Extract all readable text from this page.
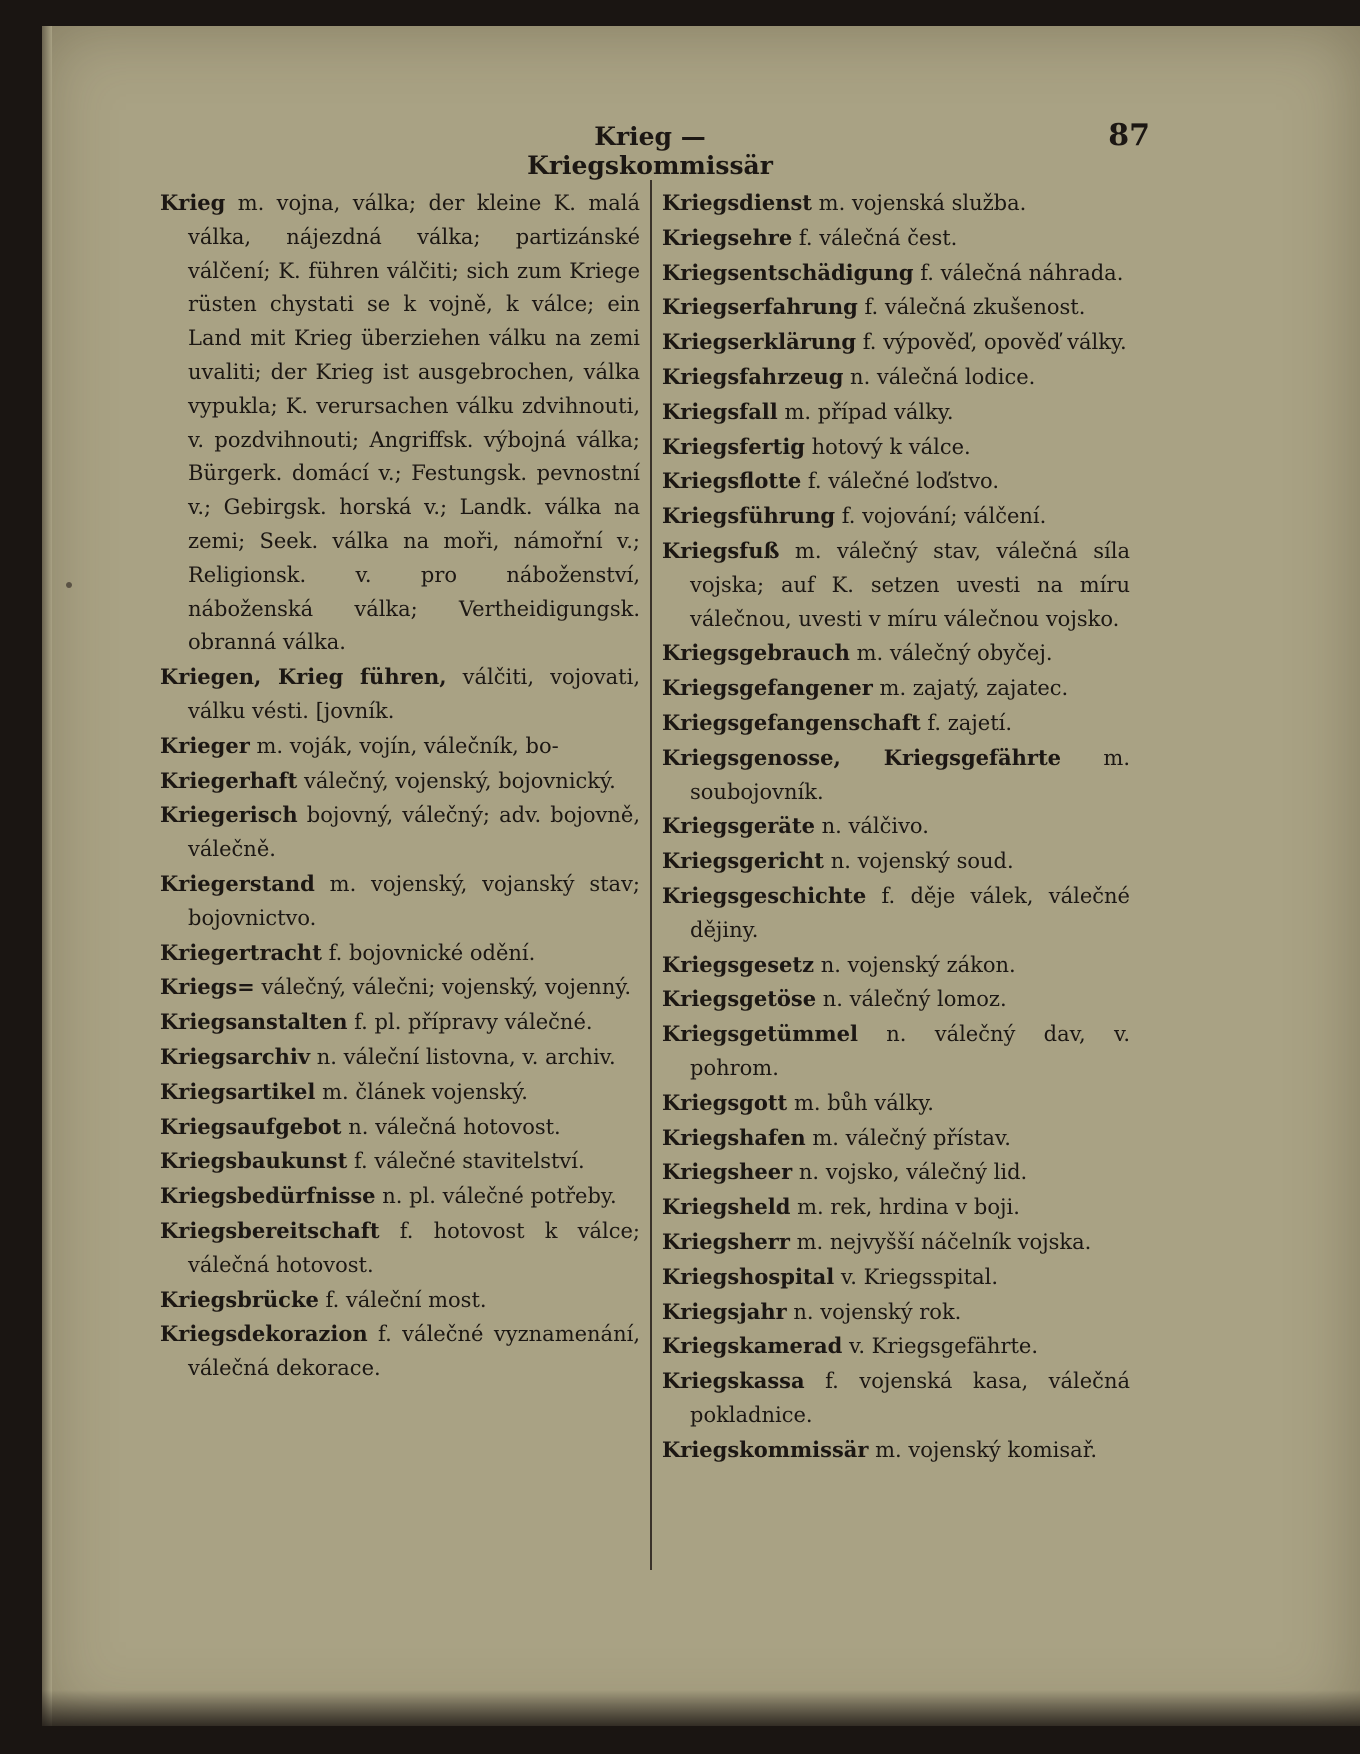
Krieg — Kriegskommissär
87

Krieg m. vojna, válka; der kleine K. malá válka, nájezdná válka; partizánské válčení; K. führen válčiti; sich zum Kriege rüsten chystati se k vojně, k válce; ein Land mit Krieg überziehen válku na zemi uvaliti; der Krieg ist ausgebrochen, válka vypukla; K. verursachen válku zdvihnouti, v. pozdvihnouti; Angriffsk. výbojná válka; Bürgerk. domácí v.; Festungsk. pevnostní v.; Gebirgsk. horská v.; Landk. válka na zemi; Seek. válka na moři, námořní v.; Religionsk. v. pro náboženství, náboženská válka; Vertheidigungsk. obranná válka.

Kriegen, Krieg führen, válčiti, vojovati, válku vésti. [jovník.

Krieger m. voják, vojín, válečník, bo-

Kriegerhaft válečný, vojenský, bojovnický.

Kriegerisch bojovný, válečný; adv. bojovně, válečně.

Kriegerstand m. vojenský, vojanský stav; bojovnictvo.

Kriegertracht f. bojovnické odění.

Kriegs= válečný, válečni; vojenský, vojenný.

Kriegsanstalten f. pl. přípravy válečné.

Kriegsarchiv n. váleční listovna, v. archiv.

Kriegsartikel m. článek vojenský.

Kriegsaufgebot n. válečná hotovost.

Kriegsbaukunst f. válečné stavitelství.

Kriegsbedürfnisse n. pl. válečné potřeby.

Kriegsbereitschaft f. hotovost k válce; válečná hotovost.

Kriegsbrücke f. váleční most.

Kriegsdekorazion f. válečné vyznamenání, válečná dekorace.

Kriegsdienst m. vojenská služba.

Kriegsehre f. válečná čest.

Kriegsentschädigung f. válečná náhrada.

Kriegserfahrung f. válečná zkušenost.

Kriegserklärung f. výpověď, opověď války.

Kriegsfahrzeug n. válečná lodice.

Kriegsfall m. případ války.

Kriegsfertig hotový k válce.

Kriegsflotte f. válečné loďstvo.

Kriegsführung f. vojování; válčení.

Kriegsfuß m. válečný stav, válečná síla vojska; auf K. setzen uvesti na míru válečnou, uvesti v míru válečnou vojsko.

Kriegsgebrauch m. válečný obyčej.

Kriegsgefangener m. zajatý, zajatec.

Kriegsgefangenschaft f. zajetí.

Kriegsgenosse, Kriegsgefährte m. soubojovník.

Kriegsgeräte n. válčivo.

Kriegsgericht n. vojenský soud.

Kriegsgeschichte f. děje válek, válečné dějiny.

Kriegsgesetz n. vojenský zákon.

Kriegsgetöse n. válečný lomoz.

Kriegsgetümmel n. válečný dav, v. pohrom.

Kriegsgott m. bůh války.

Kriegshafen m. válečný přístav.

Kriegsheer n. vojsko, válečný lid.

Kriegsheld m. rek, hrdina v boji.

Kriegsherr m. nejvyšší náčelník vojska.

Kriegshospital v. Kriegsspital.

Kriegsjahr n. vojenský rok.

Kriegskamerad v. Kriegsgefährte.

Kriegskassa f. vojenská kasa, válečná pokladnice.

Kriegskommissär m. vojenský komisař.
